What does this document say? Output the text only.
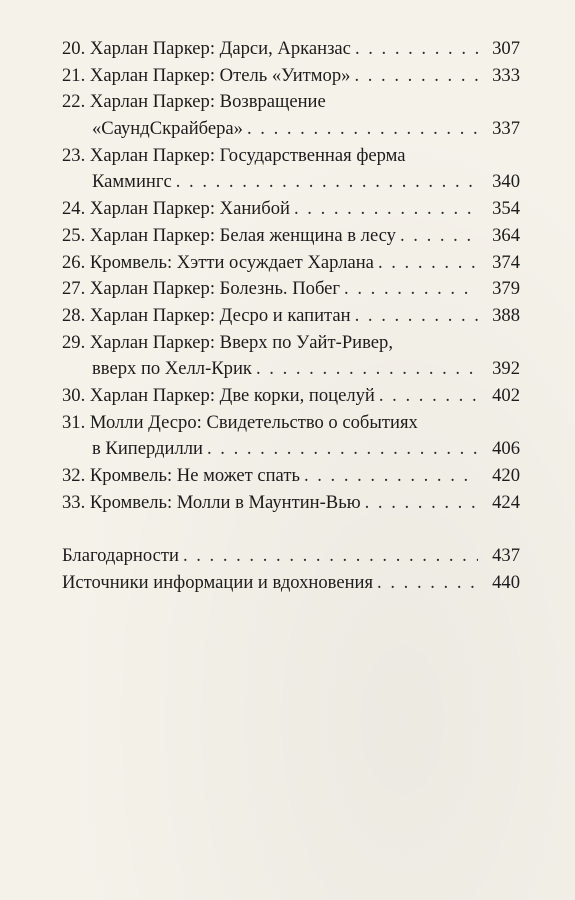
20. Харлан Паркер: Дарси, Арканзас . . .	307
21. Харлан Паркер: Отель «Уитмор» . . .	333
22. Харлан Паркер: Возвращение
«СаундСкрайбера» . . .	337
23. Харлан Паркер: Государственная ферма
Каммингс . . .	340
24. Харлан Паркер: Ханибой . . .	354
25. Харлан Паркер: Белая женщина в лесу . . .	364
26. Кромвель: Хэтти осуждает Харлана . . .	374
27. Харлан Паркер: Болезнь. Побег . . .	379
28. Харлан Паркер: Десро и капитан . . .	388
29. Харлан Паркер: Вверх по Уайт-Ривер,
вверх по Хелл-Крик . . .	392
30. Харлан Паркер: Две корки, поцелуй . . .	402
31. Молли Десро: Свидетельство о событиях
в Кипердилли . . .	406
32. Кромвель: Не может спать . . .	420
33. Кромвель: Молли в Маунтин-Вью . . .	424
Благодарности . . .	437
Источники информации и вдохновения . . .	440
